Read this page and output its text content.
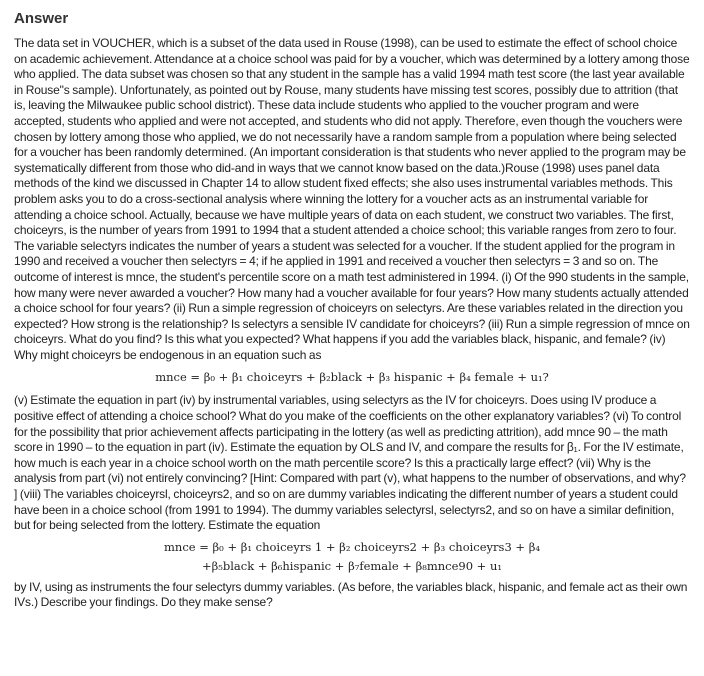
Answer

The data set in VOUCHER, which is a subset of the data used in Rouse (1998), can be used to estimate the effect of school choice on academic achievement. Attendance at a choice school was paid for by a voucher, which was determined by a lottery among those who applied. The data subset was chosen so that any student in the sample has a valid 1994 math test score (the last year available in Rouse"s sample). Unfortunately, as pointed out by Rouse, many students have missing test scores, possibly due to attrition (that is, leaving the Milwaukee public school district). These data include students who applied to the voucher program and were accepted, students who applied and were not accepted, and students who did not apply. Therefore, even though the vouchers were chosen by lottery among those who applied, we do not necessarily have a random sample from a population where being selected for a voucher has been randomly determined. (An important consideration is that students who never applied to the program may be systematically different from those who did-and in ways that we cannot know based on the data.)Rouse (1998) uses panel data methods of the kind we discussed in Chapter 14 to allow student fixed effects; she also uses instrumental variables methods. This problem asks you to do a cross-sectional analysis where winning the lottery for a voucher acts as an instrumental variable for attending a choice school. Actually, because we have multiple years of data on each student, we construct two variables. The first, choiceyrs, is the number of years from 1991 to 1994 that a student attended a choice school; this variable ranges from zero to four. The variable selectyrs indicates the number of years a student was selected for a voucher. If the student applied for the program in 1990 and received a voucher then selectyrs = 4; if he applied in 1991 and received a voucher then selectyrs = 3 and so on. The outcome of interest is mnce, the student's percentile score on a math test administered in 1994. (i) Of the 990 students in the sample, how many were never awarded a voucher? How many had a voucher available for four years? How many students actually attended a choice school for four years? (ii) Run a simple regression of choiceyrs on selectyrs. Are these variables related in the direction you expected? How strong is the relationship? Is selectyrs a sensible IV candidate for choiceyrs? (iii) Run a simple regression of mnce on choiceyrs. What do you find? Is this what you expected? What happens if you add the variables black, hispanic, and female? (iv) Why might choiceyrs be endogenous in an equation such as

mnce = β₀ + β₁ choiceyrs + β₂black + β₃ hispanic + β₄ female + u₁?

(v) Estimate the equation in part (iv) by instrumental variables, using selectyrs as the IV for choiceyrs. Does using IV produce a positive effect of attending a choice school? What do you make of the coefficients on the other explanatory variables? (vi) To control for the possibility that prior achievement affects participating in the lottery (as well as predicting attrition), add mnce 90 – the math score in 1990 – to the equation in part (iv). Estimate the equation by OLS and IV, and compare the results for β₁. For the IV estimate, how much is each year in a choice school worth on the math percentile score? Is this a practically large effect? (vii) Why is the analysis from part (vi) not entirely convincing? [Hint: Compared with part (v), what happens to the number of observations, and why? ] (viii) The variables choiceyrsl, choiceyrs2, and so on are dummy variables indicating the different number of years a student could have been in a choice school (from 1991 to 1994). The dummy variables selectyrsl, selectyrs2, and so on have a similar definition, but for being selected from the lottery. Estimate the equation

mnce = β₀ + β₁ choiceyrs 1 + β₂ choiceyrs2 + β₃ choiceyrs3 + β₄
+β₅black + β₆hispanic + β₇female + β₈mnce90 + u₁

by IV, using as instruments the four selectyrs dummy variables. (As before, the variables black, hispanic, and female act as their own IVs.) Describe your findings. Do they make sense?
